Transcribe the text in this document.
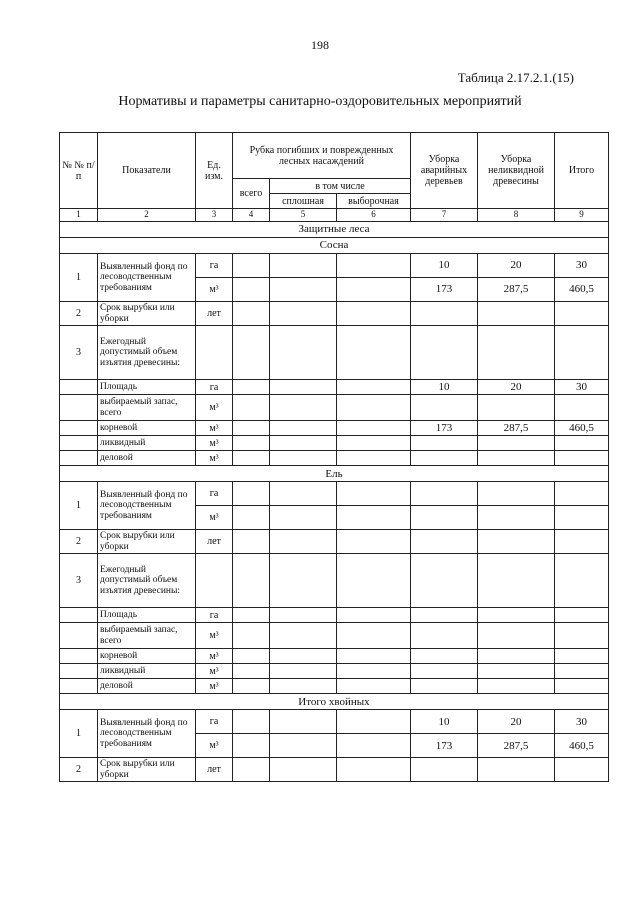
198
Таблица 2.17.2.1.(15)
Нормативы и параметры санитарно-оздоровительных мероприятий
№ № п/п	Показатели	Ед. изм.	Рубка погибших и поврежденных лесных насаждений			Уборка аварийных деревьев	Уборка неликвидной древесины	Итого
			всего	в том числе				
				сплошная	выборочная			
1	2	3	4	5	6	7	8	9
Защитные леса								
Сосна								
1	Выявленный фонд по лесоводственным требованиям	га				10	20	30
		м³				173	287,5	460,5
2	Срок вырубки или уборки	лет						
3	Ежегодный допустимый объем изъятия древесины:							
	Площадь	га				10	20	30
	выбираемый запас, всего	м³						
	корневой	м³				173	287,5	460,5
	ликвидный	м³						
	деловой	м³						
Ель								
1	Выявленный фонд по лесоводственным требованиям	га						
		м³						
2	Срок вырубки или уборки	лет						
3	Ежегодный допустимый объем изъятия древесины:							
	Площадь	га						
	выбираемый запас, всего	м³						
	корневой	м³						
	ликвидный	м³						
	деловой	м³						
Итого хвойных								
1	Выявленный фонд по лесоводственным требованиям	га				10	20	30
		м³				173	287,5	460,5
2	Срок вырубки или уборки	лет						
